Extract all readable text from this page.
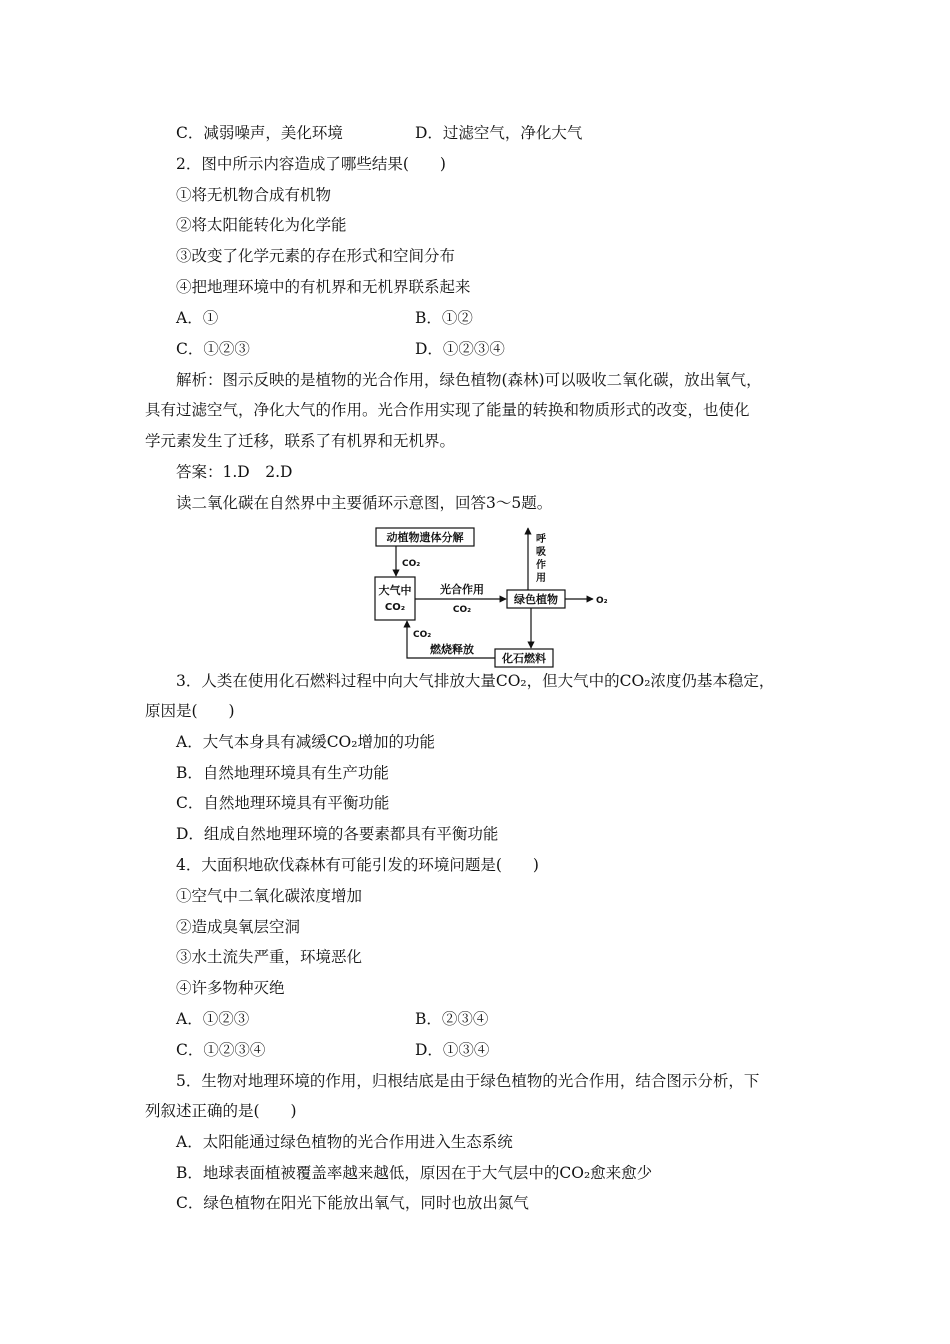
C．减弱噪声，美化环境	D．过滤空气，净化大气
2．图中所示内容造成了哪些结果(　　)
①将无机物合成有机物
②将太阳能转化为化学能
③改变了化学元素的存在形式和空间分布
④把地理环境中的有机界和无机界联系起来
A．①	B．①②
C．①②③	D．①②③④
解析：图示反映的是植物的光合作用，绿色植物(森林)可以吸收二氧化碳，放出氧气，
具有过滤空气，净化大气的作用。光合作用实现了能量的转换和物质形式的改变，也使化
学元素发生了迁移，联系了有机界和无机界。
答案：1.D　2.D
读二氧化碳在自然界中主要循环示意图，回答3～5题。
动植物遗体分解
CO₂
大气中
CO₂
光合作用
CO₂
绿色植物	O₂
呼
吸
作
用
化石燃料
燃烧释放
CO₂
3．人类在使用化石燃料过程中向大气排放大量CO₂，但大气中的CO₂浓度仍基本稳定，
原因是(　　)
A．大气本身具有减缓CO₂增加的功能
B．自然地理环境具有生产功能
C．自然地理环境具有平衡功能
D．组成自然地理环境的各要素都具有平衡功能
4．大面积地砍伐森林有可能引发的环境问题是(　　)
①空气中二氧化碳浓度增加
②造成臭氧层空洞
③水土流失严重，环境恶化
④许多物种灭绝
A．①②③	B．②③④
C．①②③④	D．①③④
5．生物对地理环境的作用，归根结底是由于绿色植物的光合作用，结合图示分析，下
列叙述正确的是(　　)
A．太阳能通过绿色植物的光合作用进入生态系统
B．地球表面植被覆盖率越来越低，原因在于大气层中的CO₂愈来愈少
C．绿色植物在阳光下能放出氧气，同时也放出氮气
